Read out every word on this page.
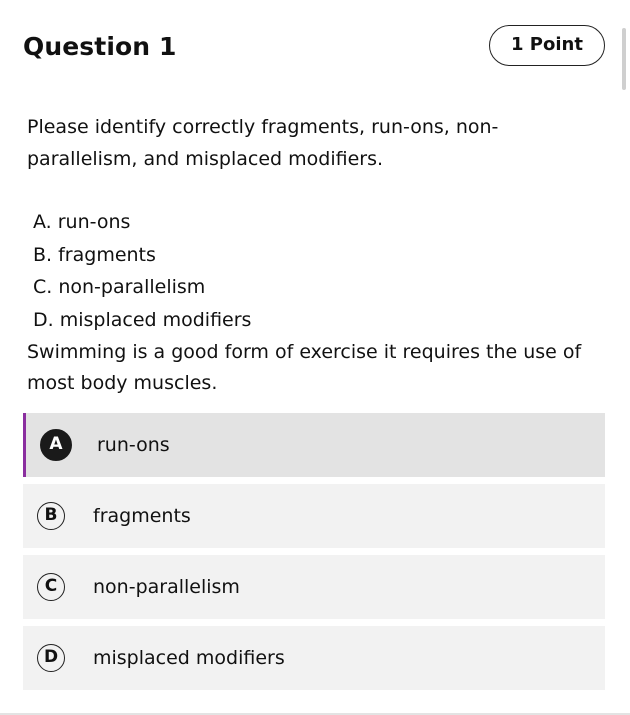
Question 1	1 Point
Please identify correctly fragments, run-ons, non-parallelism, and misplaced modifiers.
A. run-ons
B. fragments
C. non-parallelism
D. misplaced modifiers
Swimming is a good form of exercise it requires the use of most body muscles.
A	run-ons
B	fragments
C	non-parallelism
D	misplaced modifiers
